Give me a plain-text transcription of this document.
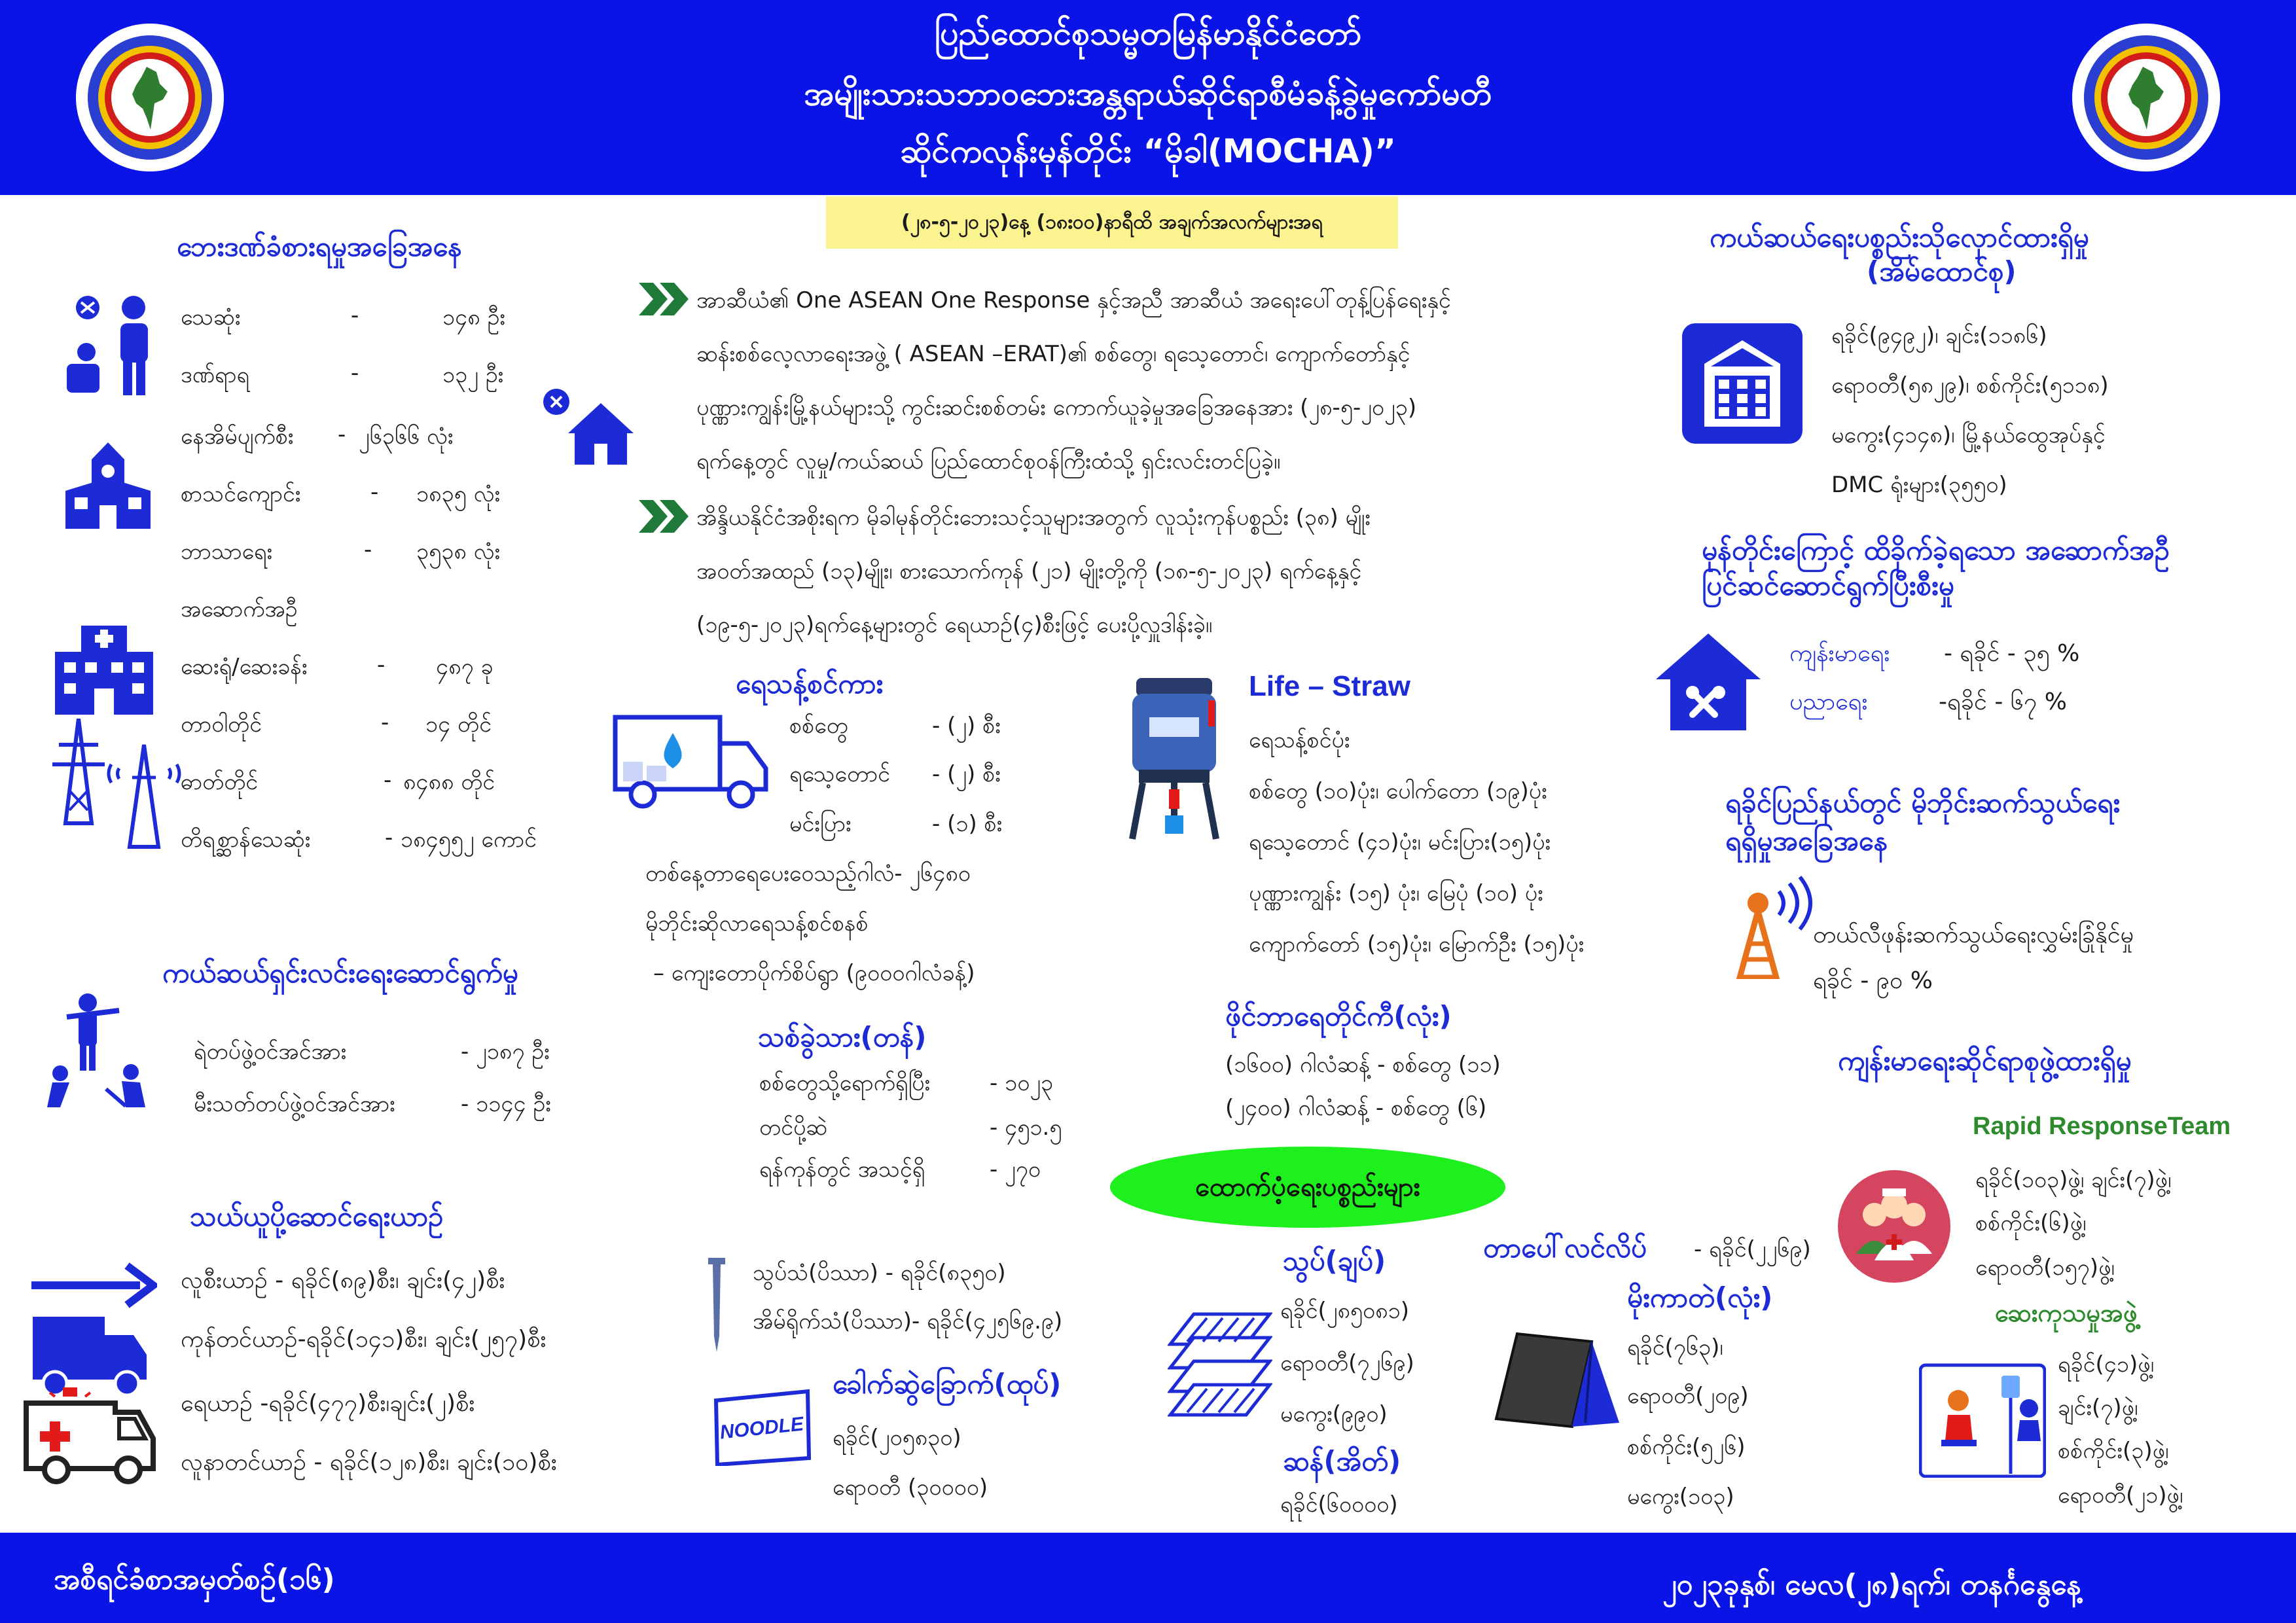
ပြည်ထောင်စုသမ္မတမြန်မာနိုင်ငံတော်
အမျိုးသားသဘာဝဘေးအန္တရာယ်ဆိုင်ရာစီမံခန့်ခွဲမှုကော်မတီ
ဆိုင်ကလုန်းမုန်တိုင်း “မိုခါ(MOCHA)”
(၂၈-၅-၂၀၂၃)နေ့ (၁၈း၀၀)နာရီထိ အချက်အလက်များအရ
ဘေးဒဏ်ခံစားရမှုအခြေအနေ
သေဆုံး	-	၁၄၈ ဦး
ဒဏ်ရာရ	-	၁၃၂ ဦး
နေအိမ်ပျက်စီး - ၂၆၃၆၆ လုံး
စာသင်ကျောင်း	- ၁၈၃၅ လုံး
ဘာသာရေး	- ၃၅၃၈ လုံး
အဆောက်အဦ
ဆေးရုံ/ဆေးခန်း	- ၄၈၇ ခု
တာဝါတိုင်	- ၁၄ တိုင်
ဓာတ်တိုင်	- ၈၄၈၈ တိုင်
တိရစ္ဆာန်သေဆုံး	- ၁၈၄၅၅၂ ကောင်
ကယ်ဆယ်ရှင်းလင်းရေးဆောင်ရွက်မှု
ရဲတပ်ဖွဲ့ဝင်အင်အား	- ၂၁၈၇ ဦး
မီးသတ်တပ်ဖွဲ့ဝင်အင်အား	- ၁၁၄၄ ဦး
သယ်ယူပို့ဆောင်ရေးယာဉ်
လူစီးယာဉ် - ရခိုင်(၈၉)စီး၊ ချင်း(၄၂)စီး
ကုန်တင်ယာဉ်-ရခိုင်(၁၄၁)စီး၊ ချင်း(၂၅၇)စီး
ရေယာဉ် -ရခိုင်(၄၇၇)စီး၊ချင်း(၂)စီး
လူနာတင်ယာဉ် - ရခိုင်(၁၂၈)စီး၊ ချင်း(၁၀)စီး
အာဆီယံ၏ One ASEAN One Response နှင့်အညီ အာဆီယံ အရေးပေါ်တုန့်ပြန်ရေးနှင့်
ဆန်းစစ်လေ့လာရေးအဖွဲ့ ( ASEAN –ERAT)၏ စစ်တွေ၊ ရသေ့တောင်၊ ကျောက်တော်နှင့်
ပုဏ္ဏားကျွန်းမြို့နယ်များသို့ ကွင်းဆင်းစစ်တမ်း ကောက်ယူခဲ့မှုအခြေအနေအား (၂၈-၅-၂၀၂၃)
ရက်နေ့တွင် လူမှု/ကယ်ဆယ် ပြည်ထောင်စုဝန်ကြီးထံသို့ ရှင်းလင်းတင်ပြခဲ့။
အိန္ဒိယနိုင်ငံအစိုးရက မိုခါမုန်တိုင်းဘေးသင့်သူများအတွက် လူသုံးကုန်ပစ္စည်း (၃၈) မျိုး
အဝတ်အထည် (၁၃)မျိုး၊ စားသောက်ကုန် (၂၁) မျိုးတို့ကို (၁၈-၅-၂၀၂၃) ရက်နေ့နှင့်
(၁၉-၅-၂၀၂၃)ရက်နေ့များတွင် ရေယာဉ်(၄)စီးဖြင့် ပေးပို့လှူဒါန်းခဲ့။
ရေသန့်စင်ကား
စစ်တွေ	- (၂) စီး
ရသေ့တောင် - (၂) စီး
မင်းပြား	- (၁) စီး
တစ်နေ့တာရေပေးဝေသည့်ဂါလံ- ၂၆၄၈၀
မိုဘိုင်းဆိုလာရေသန့်စင်စနစ်
– ကျေးတောပိုက်စိပ်ရွာ (၉၀၀၀ဂါလံခန့်)
Life – Straw
ရေသန့်စင်ပုံး
စစ်တွေ (၁၀)ပုံး၊ ပေါက်တော (၁၉)ပုံး
ရသေ့တောင် (၄၁)ပုံး၊ မင်းပြား(၁၅)ပုံး
ပုဏ္ဏားကျွန်း (၁၅) ပုံး၊ မြေပုံ (၁၀) ပုံး
ကျောက်တော် (၁၅)ပုံး၊ မြောက်ဦး (၁၅)ပုံး
ဖိုင်ဘာရေတိုင်ကီ(လုံး)
(၁၆၀၀) ဂါလံဆန့် - စစ်တွေ (၁၁)
(၂၄၀၀) ဂါလံဆန့် - စစ်တွေ (၆)
သစ်ခွဲသား(တန်)
စစ်တွေသို့ရောက်ရှိပြီး	- ၁၀၂၃
တင်ပို့ဆဲ	- ၄၅၁.၅
ရန်ကုန်တွင် အသင့်ရှိ	- ၂၇၀
ထောက်ပံ့ရေးပစ္စည်းများ
သွပ်သံ(ပိဿာ) - ရခိုင်(၈၃၅၀)
အိမ်ရိုက်သံ(ပိဿာ)- ရခိုင်(၄၂၅၆၉.၉)
NOODLE
ခေါက်ဆွဲခြောက်(ထုပ်)
ရခိုင်(၂၀၅၈၃၀)
ရောဝတီ (၃၀၀၀၀)
သွပ်(ချပ်)
ရခိုင်(၂၈၅၀၈၁)
ရောဝတီ(၇၂၆၉)
မကွေး(၉၉၀)
ဆန်(အိတ်)
ရခိုင်(၆၀၀၀၀)
တာပေါ်လင်လိပ် - ရခိုင်(၂၂၆၉)
မိုးကာတဲ(လုံး)
ရခိုင်(၇၆၃)၊
ရောဝတီ(၂၀၉)
စစ်ကိုင်း(၅၂၆)
မကွေး(၁၀၃)
ကယ်ဆယ်ရေးပစ္စည်းသိုလှောင်ထားရှိမှု
(အိမ်ထောင်စု)
ရခိုင်(၉၄၉၂)၊ ချင်း(၁၁၈၆)
ရောဝတီ(၅၈၂၉)၊ စစ်ကိုင်း(၅၁၁၈)
မကွေး(၄၁၄၈)၊ မြို့နယ်ထွေအုပ်နှင့်
DMC ရုံးများ(၃၅၅၀)
မုန်တိုင်းကြောင့် ထိခိုက်ခဲ့ရသော အဆောက်အဦ
ပြင်ဆင်ဆောင်ရွက်ပြီးစီးမှု
ကျန်းမာရေး - ရခိုင် - ၃၅ %
ပညာရေး	-ရခိုင် - ၆၇ %
ရခိုင်ပြည်နယ်တွင် မိုဘိုင်းဆက်သွယ်ရေး
ရရှိမှုအခြေအနေ
တယ်လီဖုန်းဆက်သွယ်ရေးလွှမ်းခြုံနိုင်မှု
ရခိုင် - ၉၀ %
ကျန်းမာရေးဆိုင်ရာစုဖွဲ့ထားရှိမှု
Rapid ResponseTeam
ရခိုင်(၁၀၃)ဖွဲ့၊ ချင်း(၇)ဖွဲ့၊
စစ်ကိုင်း(၆)ဖွဲ့၊
ရောဝတီ(၁၅၇)ဖွဲ့၊
ဆေးကုသမှုအဖွဲ့
ရခိုင်(၄၁)ဖွဲ့၊
ချင်း(၇)ဖွဲ့၊
စစ်ကိုင်း(၃)ဖွဲ့၊
ရောဝတီ(၂၁)ဖွဲ့၊
အစီရင်ခံစာအမှတ်စဉ်(၁၆)	၂၀၂၃ခုနှစ်၊ မေလ(၂၈)ရက်၊ တနင်္ဂနွေနေ့
